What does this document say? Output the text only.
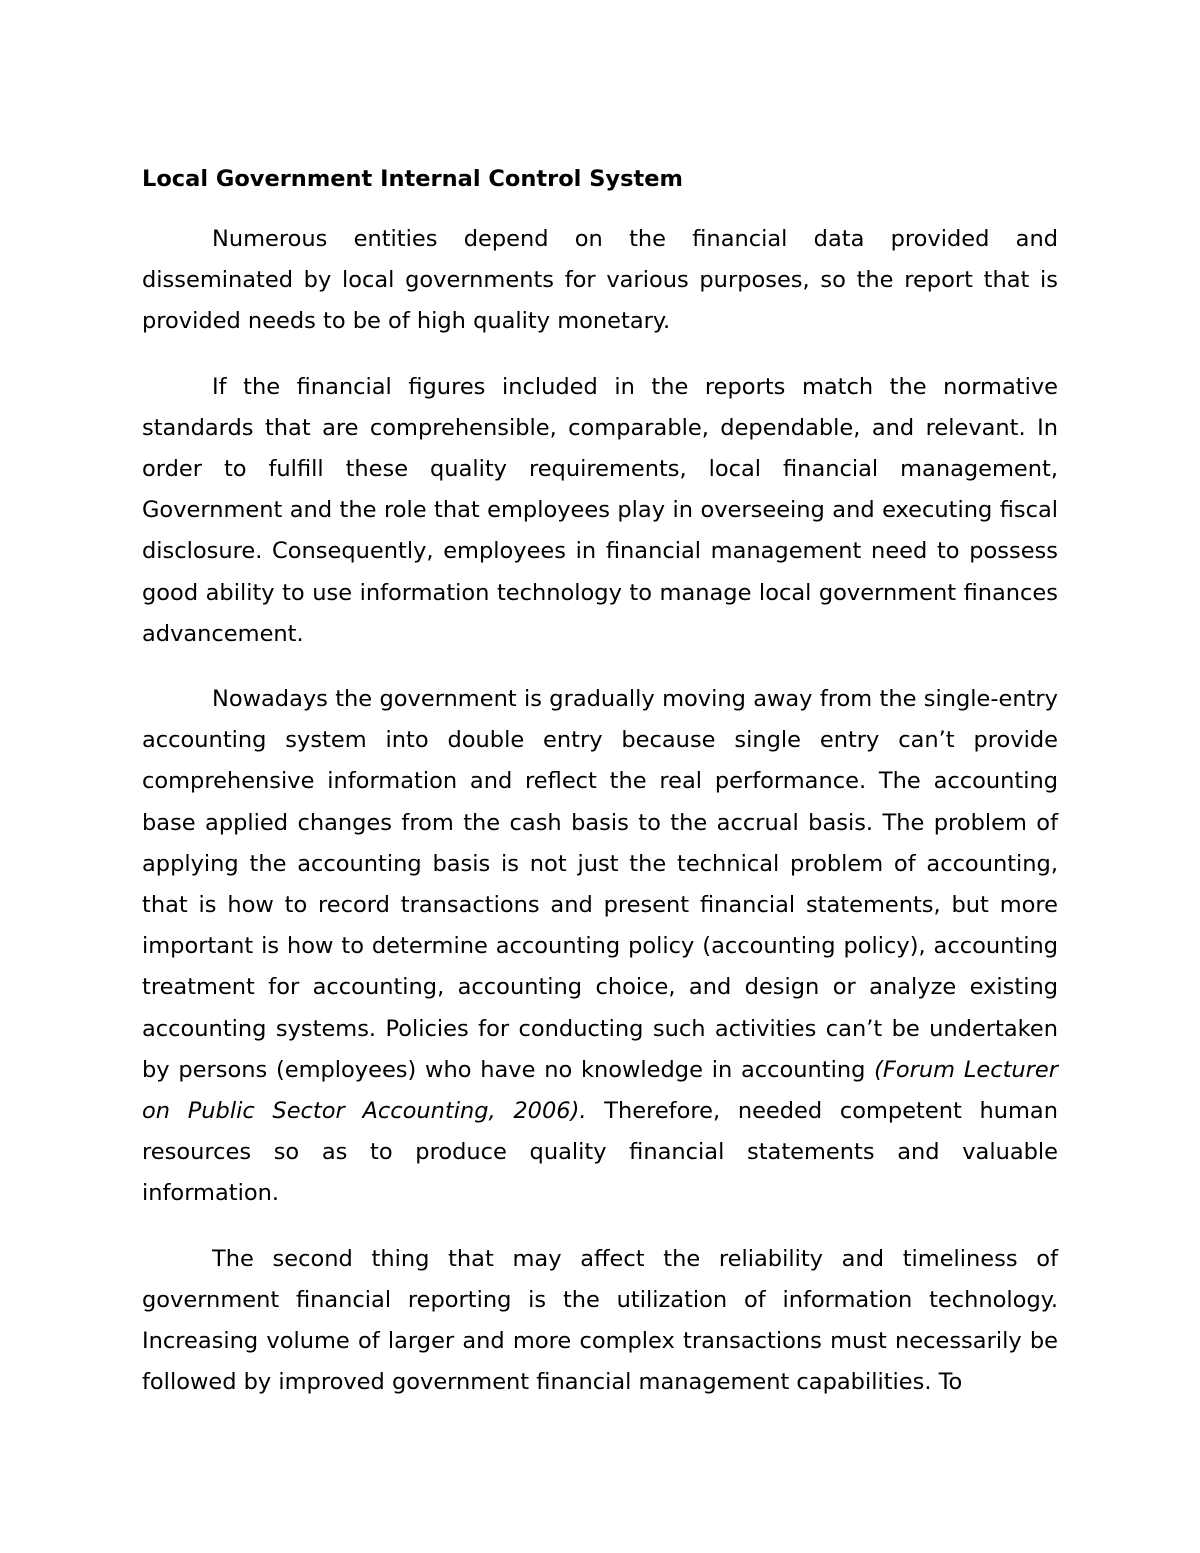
Local Government Internal Control System

Numerous entities depend on the financial data provided and disseminated by local governments for various purposes, so the report that is provided needs to be of high quality monetary.

If the financial figures included in the reports match the normative standards that are comprehensible, comparable, dependable, and relevant. In order to fulfill these quality requirements, local financial management, Government and the role that employees play in overseeing and executing fiscal disclosure. Consequently, employees in financial management need to possess good ability to use information technology to manage local government finances advancement.

Nowadays the government is gradually moving away from the single-entry accounting system into double entry because single entry can’t provide comprehensive information and reflect the real performance. The accounting base applied changes from the cash basis to the accrual basis. The problem of applying the accounting basis is not just the technical problem of accounting, that is how to record transactions and present financial statements, but more important is how to determine accounting policy (accounting policy), accounting treatment for accounting, accounting choice, and design or analyze existing accounting systems. Policies for conducting such activities can’t be undertaken by persons (employees) who have no knowledge in accounting (Forum Lecturer on Public Sector Accounting, 2006). Therefore, needed competent human resources so as to produce quality financial statements and valuable information.

The second thing that may affect the reliability and timeliness of government financial reporting is the utilization of information technology. Increasing volume of larger and more complex transactions must necessarily be followed by improved government financial management capabilities. To
